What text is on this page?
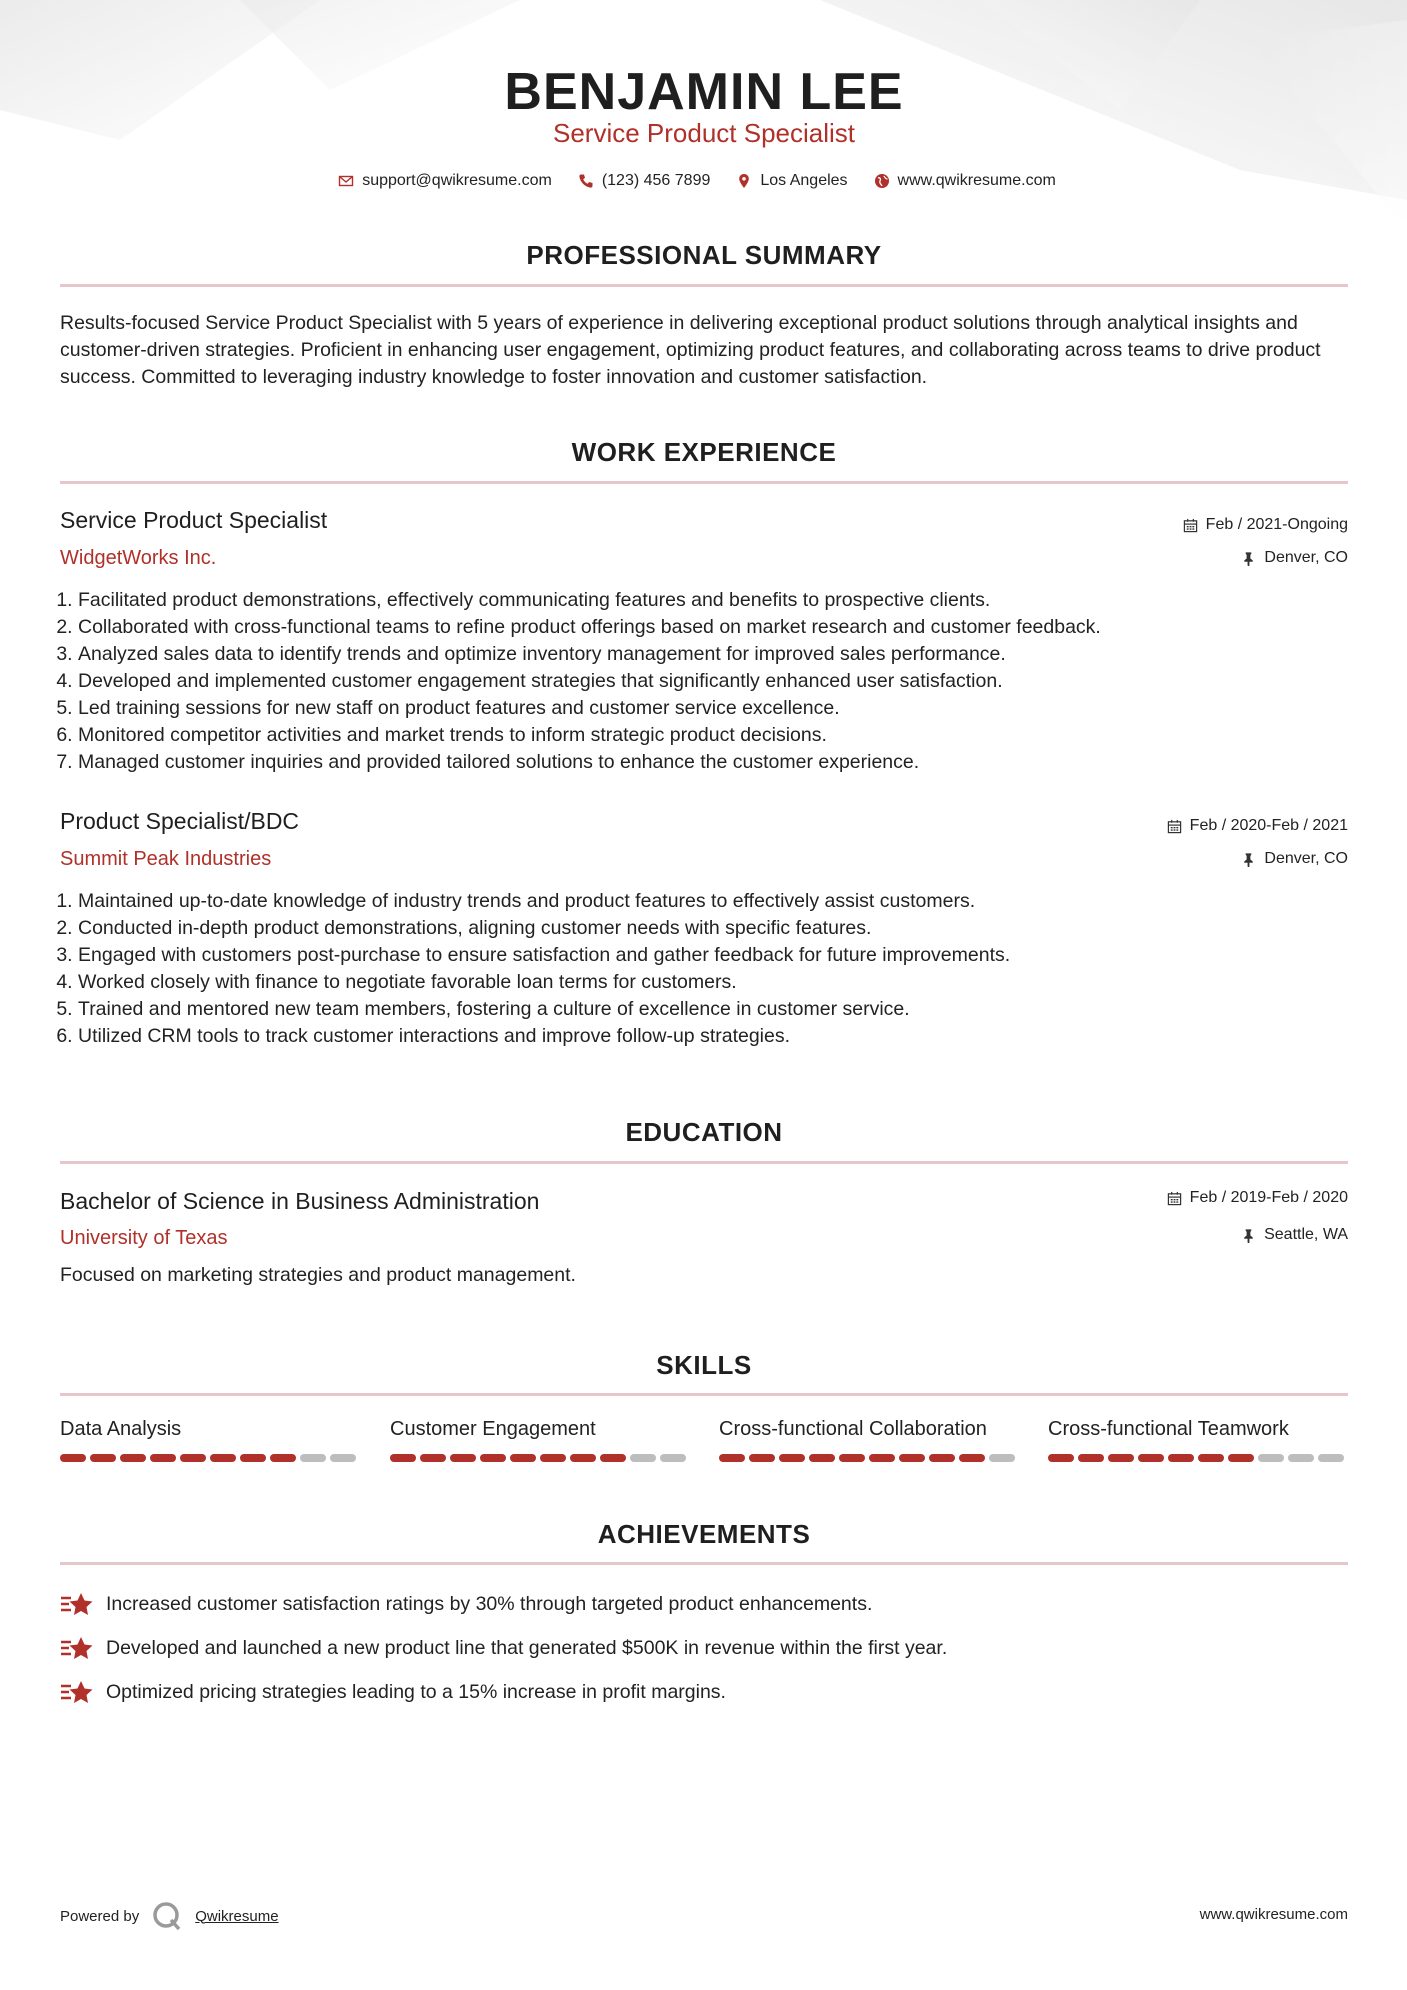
BENJAMIN LEE
Service Product Specialist
support@qwikresume.com	(123) 456 7899	Los Angeles	www.qwikresume.com
PROFESSIONAL SUMMARY
Results-focused Service Product Specialist with 5 years of experience in delivering exceptional product solutions through analytical insights and customer-driven strategies. Proficient in enhancing user engagement, optimizing product features, and collaborating across teams to drive product success. Committed to leveraging industry knowledge to foster innovation and customer satisfaction.
WORK EXPERIENCE
Service Product Specialist	Feb / 2021-Ongoing
WidgetWorks Inc.	Denver, CO
1. Facilitated product demonstrations, effectively communicating features and benefits to prospective clients.
2. Collaborated with cross-functional teams to refine product offerings based on market research and customer feedback.
3. Analyzed sales data to identify trends and optimize inventory management for improved sales performance.
4. Developed and implemented customer engagement strategies that significantly enhanced user satisfaction.
5. Led training sessions for new staff on product features and customer service excellence.
6. Monitored competitor activities and market trends to inform strategic product decisions.
7. Managed customer inquiries and provided tailored solutions to enhance the customer experience.
Product Specialist/BDC	Feb / 2020-Feb / 2021
Summit Peak Industries	Denver, CO
1. Maintained up-to-date knowledge of industry trends and product features to effectively assist customers.
2. Conducted in-depth product demonstrations, aligning customer needs with specific features.
3. Engaged with customers post-purchase to ensure satisfaction and gather feedback for future improvements.
4. Worked closely with finance to negotiate favorable loan terms for customers.
5. Trained and mentored new team members, fostering a culture of excellence in customer service.
6. Utilized CRM tools to track customer interactions and improve follow-up strategies.
EDUCATION
Bachelor of Science in Business Administration	Feb / 2019-Feb / 2020
University of Texas	Seattle, WA
Focused on marketing strategies and product management.
SKILLS
Data Analysis	Customer Engagement	Cross-functional Collaboration	Cross-functional Teamwork
ACHIEVEMENTS
Increased customer satisfaction ratings by 30% through targeted product enhancements.
Developed and launched a new product line that generated $500K in revenue within the first year.
Optimized pricing strategies leading to a 15% increase in profit margins.
Powered by	Qwikresume	www.qwikresume.com
